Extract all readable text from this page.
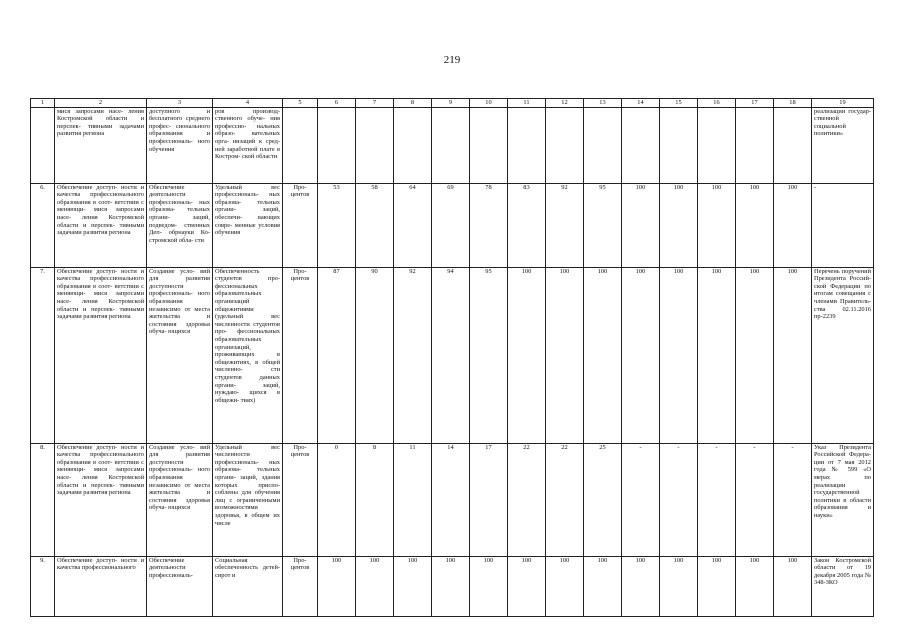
219
1	2	3	4	5	6	7	8	9	10	11	12	13	14	15	16	17	18	19
	мися запросами насе- ления Костромской области и перспек- тивными задачами развития региона	доступного и бесплатного среднего профес- сионального образования и профессиональ- ного обучения	ров производ- ственного обуче- ния профессио- нальных образо- вательных орга- низаций к сред- ней заработной плате в Костром- ской области															реализации государ- ственной социальной политики»
6.	Обеспечение доступ- ности и качества профессионального образования в соот- ветствии с меняющи- мися запросами насе- ления Костромской области и перспек- тивными задачами развития региона	Обеспечение деятельности профессиональ- ных образова- тельных органи- заций, подведом- ственных Деп- обрнауки Ко- стромской обла- сти	Удельный вес профессиональ- ных образова- тельных органи- заций, обеспечи- вающих совре- менные условия обучения	Про- центов	53	58	64	69	78	83	92	95	100	100	100	100	100	-
7.	Обеспечение доступ- ности и качества профессионального образования в соот- ветствии с меняющи- мися запросами насе- ления Костромской области и перспек- тивными задачами развития региона	Создание усло- вий для развития доступности профессиональ- ного образования независимо от места жительства и состояния здоровья обуча- ющихся	Обеспеченность студентов про- фессиональных образовательных организаций общежитиями (удельный вес численности студентов про- фессиональных образовательных организаций, проживающих в общежитиях, в общей численно- сти студентов данных органи- заций, нуждаю- щихся в общежи- тиях)	Про- центов	87	90	92	94	95	100	100	100	100	100	100	100	100	Перечень поручений Президента Россий- ской Федерации по итогам совещания с членами Правитель- ства 02.11.2016 пр-2239
8.	Обеспечение доступ- ности и качества профессионального образования в соот- ветствии с меняющи- мися запросами насе- ления Костромской области и перспек- тивными задачами развития региона	Создание усло- вий для развития доступности профессиональ- ного образования независимо от места жительства и состояния здоровья обуча- ющихся	Удельный вес численности профессиональ- ных образова- тельных органи- заций, здания которых приспо- соблены для обучения лиц с ограниченными возможностями здоровья, в общем их числе	Про- центов	0	8	11	14	17	22	22	25	-	-	-	-	-	Указ Президента Российской Федера- ции от 7 мая 2012 года № 599 «О мерах по реализации государственной политики в области образования и науки»
9.	Обеспечение доступ- ности и качества профессионального	Обеспечение деятельности профессиональ-	Социальная обеспеченность детей-сирот и	Про- центов	100	100	100	100	100	100	100	100	100	100	100	100	100	Закон Костромской области от 19 декабря 2005 года № 348-ЗКО
